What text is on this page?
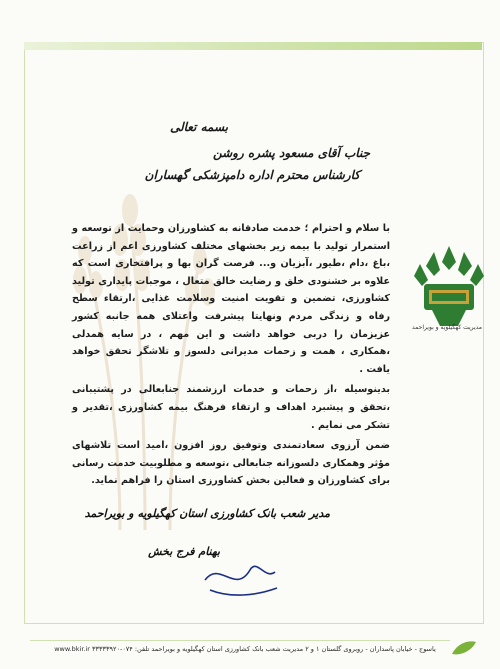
بسمه تعالی
جناب آقای مسعود پشره روشن
کارشناس محترم اداره دامپزشکی گهساران

با سلام و احترام ؛ خدمت صادقانه به کشاورزان وحمایت از توسعه و استمرار تولید با بیمه زیر بخشهای مختلف کشاورزی اعم از زراعت ،باغ ،دام ،طیور ،آبزیان و... فرصت گران بها و پرافتخاری است که علاوه بر خشنودی خلق و رضایت خالق متعال ، موجبات پایداری تولید کشاورزی، تضمین و تقویت امنیت وسلامت غذایی ،ارتقاء سطح رفاه و زندگی مردم ونهایتا پیشرفت واعتلای همه جانبه کشور عزیزمان را دربی خواهد داشت و این مهم ، در سایه همدلی ،همکاری ، همت و زحمات مدیرانی دلسوز و تلاشگر تحقق خواهد یافت .

بدینوسیله ،از زحمات و خدمات ارزشمند جنابعالی در پشتیبانی ،تحقق و پیشبرد اهداف و ارتقاء فرهنگ بیمه کشاورزی ،تقدیر و تشکر می نمایم .

ضمن آرزوی سعادتمندی وتوفیق روز افزون ،امید است تلاشهای مؤثر وهمکاری دلسوزانه جنابعالی ،توسعه و مطلوبیت خدمت رسانی برای کشاورزان و فعالین بخش کشاورزی استان را فراهم نماید.

مدیریت کهگیلویه و بویراحمد
مدیر شعب بانک کشاورزی استان کهگیلویه و بویراحمد
بهنام فرج بخش
یاسوج - خیابان پاسداران - روبروی گلستان ۱ و ۲ مدیریت شعب بانک کشاورزی استان کهگیلویه و بویراحمد تلفن: ۰۷۴-۳۳۳۳۳۹۲۰ www.bkir.ir
